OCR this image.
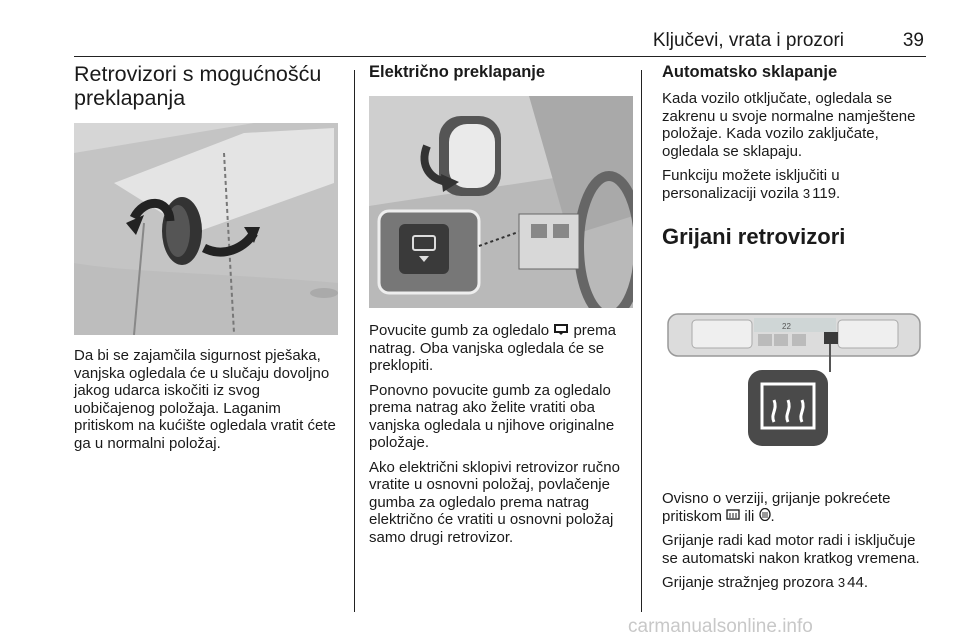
Ključevi, vrata i prozori	39
Retrovizori s mogućnošću preklapanja

Da bi se zajamčila sigurnost pješaka, vanjska ogledala će u slučaju dovoljno jakog udarca iskočiti iz svog uobičajenog položaja. Laganim pritiskom na kućište ogledala vratit ćete ga u normalni položaj.

Električno preklapanje

Povucite gumb za ogledalo prema natrag. Oba vanjska ogledala će se preklopiti.

Ponovno povucite gumb za ogledalo prema natrag ako želite vratiti oba vanjska ogledala u njihove originalne položaje.

Ako električni sklopivi retrovizor ručno vratite u osnovni položaj, povlačenje gumba za ogledalo prema natrag električno će vratiti u osnovni položaj samo drugi retrovizor.

Automatsko sklapanje

Kada vozilo otključate, ogledala se zakrenu u svoje normalne namještene položaje. Kada vozilo zaključate, ogledala se sklapaju.

Funkciju možete isključiti u personalizaciji vozila 3 119.

Grijani retrovizori
22

Ovisno o verziji, grijanje pokrećete pritiskom ili .

Grijanje radi kad motor radi i isključuje se automatski nakon kratkog vremena.

Grijanje stražnjeg prozora 3 44.

carmanualsonline.info
